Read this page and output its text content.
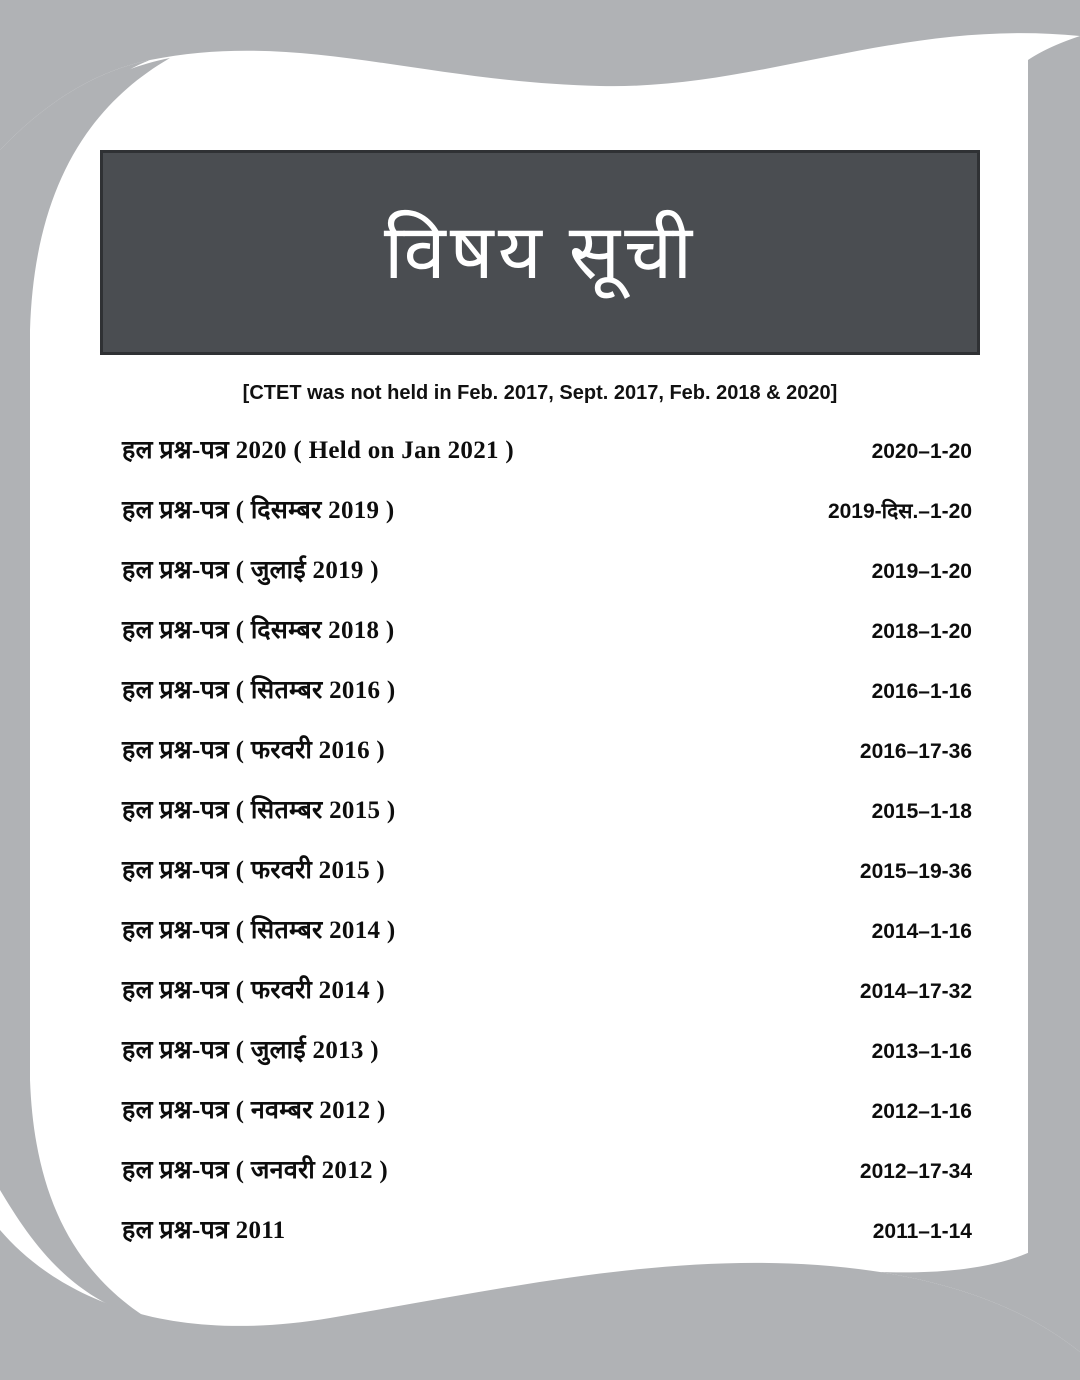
विषय सूची
[CTET was not held in Feb. 2017, Sept. 2017, Feb. 2018 & 2020]
हल प्रश्न-पत्र 2020 ( Held on Jan 2021 )	2020–1-20
हल प्रश्न-पत्र ( दिसम्बर 2019 )	2019-दिस.–1-20
हल प्रश्न-पत्र ( जुलाई 2019 )	2019–1-20
हल प्रश्न-पत्र ( दिसम्बर 2018 )	2018–1-20
हल प्रश्न-पत्र ( सितम्बर 2016 )	2016–1-16
हल प्रश्न-पत्र ( फरवरी 2016 )	2016–17-36
हल प्रश्न-पत्र ( सितम्बर 2015 )	2015–1-18
हल प्रश्न-पत्र ( फरवरी 2015 )	2015–19-36
हल प्रश्न-पत्र ( सितम्बर 2014 )	2014–1-16
हल प्रश्न-पत्र ( फरवरी 2014 )	2014–17-32
हल प्रश्न-पत्र ( जुलाई 2013 )	2013–1-16
हल प्रश्न-पत्र ( नवम्बर 2012 )	2012–1-16
हल प्रश्न-पत्र ( जनवरी 2012 )	2012–17-34
हल प्रश्न-पत्र 2011	2011–1-14
